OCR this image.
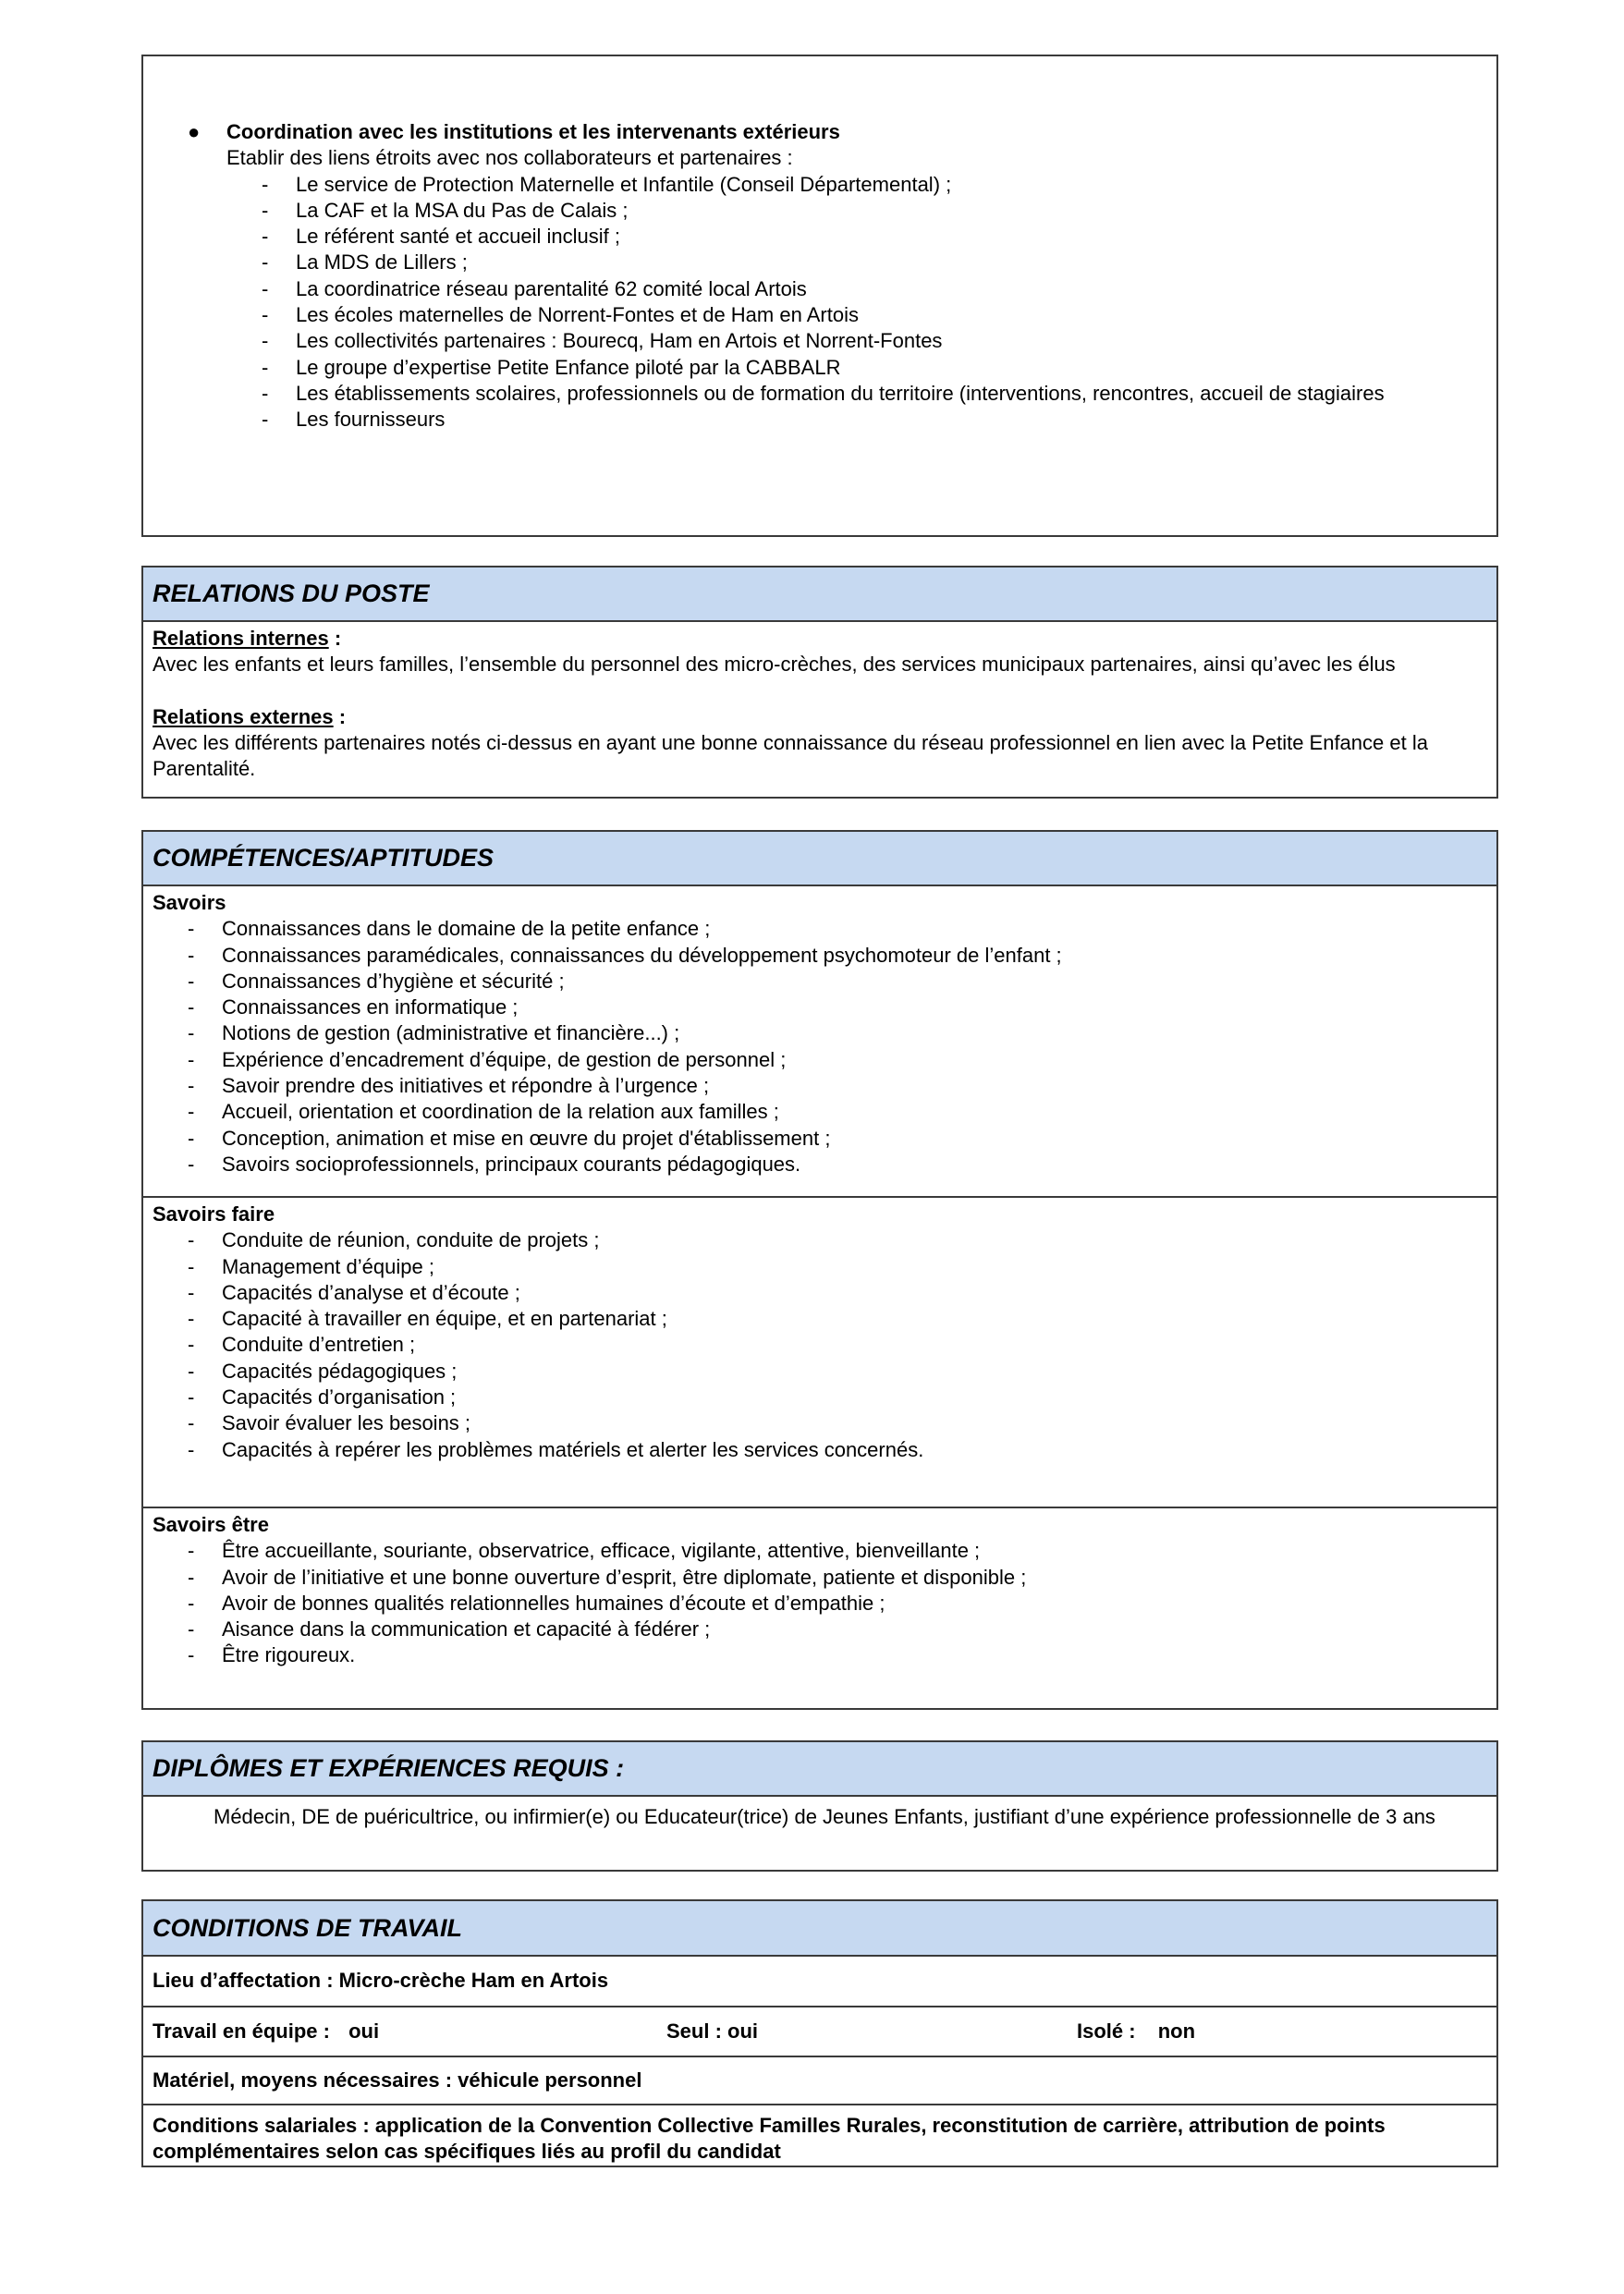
● Coordination avec les institutions et les intervenants extérieurs
Etablir des liens étroits avec nos collaborateurs et partenaires :
- Le service de Protection Maternelle et Infantile (Conseil Départemental) ;
- La CAF et la MSA du Pas de Calais ;
- Le référent santé et accueil inclusif ;
- La MDS de Lillers ;
- La coordinatrice réseau parentalité 62 comité local Artois
- Les écoles maternelles de Norrent-Fontes et de Ham en Artois
- Les collectivités partenaires : Bourecq, Ham en Artois et Norrent-Fontes
- Le groupe d’expertise Petite Enfance piloté par la CABBALR
- Les établissements scolaires, professionnels ou de formation du territoire (interventions, rencontres, accueil de stagiaires
- Les fournisseurs
RELATIONS DU POSTE
Relations internes :
Avec les enfants et leurs familles, l’ensemble du personnel des micro-crèches, des services municipaux partenaires, ainsi qu’avec les élus
Relations externes :
Avec les différents partenaires notés ci-dessus en ayant une bonne connaissance du réseau professionnel en lien avec la Petite Enfance et la Parentalité.
COMPÉTENCES/APTITUDES
Savoirs
- Connaissances dans le domaine de la petite enfance ;
- Connaissances paramédicales, connaissances du développement psychomoteur de l’enfant ;
- Connaissances d’hygiène et sécurité ;
- Connaissances en informatique ;
- Notions de gestion (administrative et financière...) ;
- Expérience d’encadrement d’équipe, de gestion de personnel ;
- Savoir prendre des initiatives et répondre à l’urgence ;
- Accueil, orientation et coordination de la relation aux familles ;
- Conception, animation et mise en œuvre du projet d'établissement ;
- Savoirs socioprofessionnels, principaux courants pédagogiques.
Savoirs faire
- Conduite de réunion, conduite de projets ;
- Management d’équipe ;
- Capacités d’analyse et d’écoute ;
- Capacité à travailler en équipe, et en partenariat ;
- Conduite d’entretien ;
- Capacités pédagogiques ;
- Capacités d’organisation ;
- Savoir évaluer les besoins ;
- Capacités à repérer les problèmes matériels et alerter les services concernés.
Savoirs être
- Être accueillante, souriante, observatrice, efficace, vigilante, attentive, bienveillante ;
- Avoir de l’initiative et une bonne ouverture d’esprit, être diplomate, patiente et disponible ;
- Avoir de bonnes qualités relationnelles humaines d’écoute et d’empathie ;
- Aisance dans la communication et capacité à fédérer ;
- Être rigoureux.
DIPLÔMES ET EXPÉRIENCES REQUIS :
Médecin, DE de puéricultrice, ou infirmier(e) ou Educateur(trice) de Jeunes Enfants, justifiant d’une expérience professionnelle de 3 ans
CONDITIONS DE TRAVAIL
Lieu d’affectation : Micro-crèche Ham en Artois
Travail en équipe : oui	Seul : oui	Isolé : non
Matériel, moyens nécessaires : véhicule personnel
Conditions salariales : application de la Convention Collective Familles Rurales, reconstitution de carrière, attribution de points complémentaires selon cas spécifiques liés au profil du candidat
